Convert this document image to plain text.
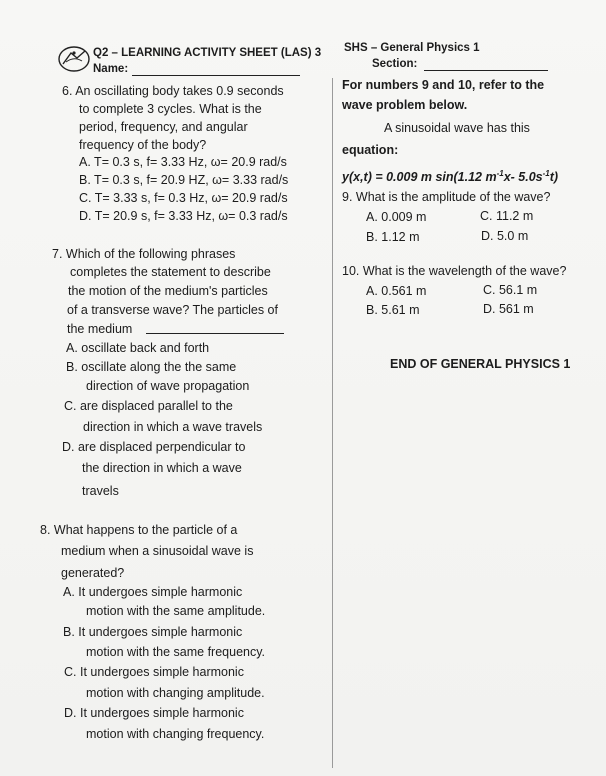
Q2 – LEARNING ACTIVITY SHEET (LAS) 3
Name:
SHS – General Physics 1
Section:
6. An oscillating body takes 0.9 seconds
to complete 3 cycles. What is the
period, frequency, and angular
frequency of the body?
A. T= 0.3 s, f= 3.33 Hz, ω= 20.9 rad/s
B. T= 0.3 s, f= 20.9 HZ, ω= 3.33 rad/s
C. T= 3.33 s, f= 0.3 Hz, ω= 20.9 rad/s
D. T= 20.9 s, f= 3.33 Hz, ω= 0.3 rad/s
7. Which of the following phrases
completes the statement to describe
the motion of the medium's particles
of a transverse wave? The particles of
the medium
A. oscillate back and forth
B. oscillate along the the same
direction of wave propagation
C. are displaced parallel to the
direction in which a wave travels
D. are displaced perpendicular to
the direction in which a wave
travels
8. What happens to the particle of a
medium when a sinusoidal wave is
generated?
A. It undergoes simple harmonic
motion with the same amplitude.
B. It undergoes simple harmonic
motion with the same frequency.
C. It undergoes simple harmonic
motion with changing amplitude.
D. It undergoes simple harmonic
motion with changing frequency.
For numbers 9 and 10, refer to the
wave problem below.
A sinusoidal wave has this
equation:
y(x,t) = 0.009 m sin(1.12 $m^{-1}x-$ $5.0s^{-1}t$)
9. What is the amplitude of the wave?
A. 0.009 m	C. 11.2 m
B. 1.12 m	D. 5.0 m
10. What is the wavelength of the wave?
A. 0.561 m	C. 56.1 m
B. 5.61 m	D. 561 m
END OF GENERAL PHYSICS 1
